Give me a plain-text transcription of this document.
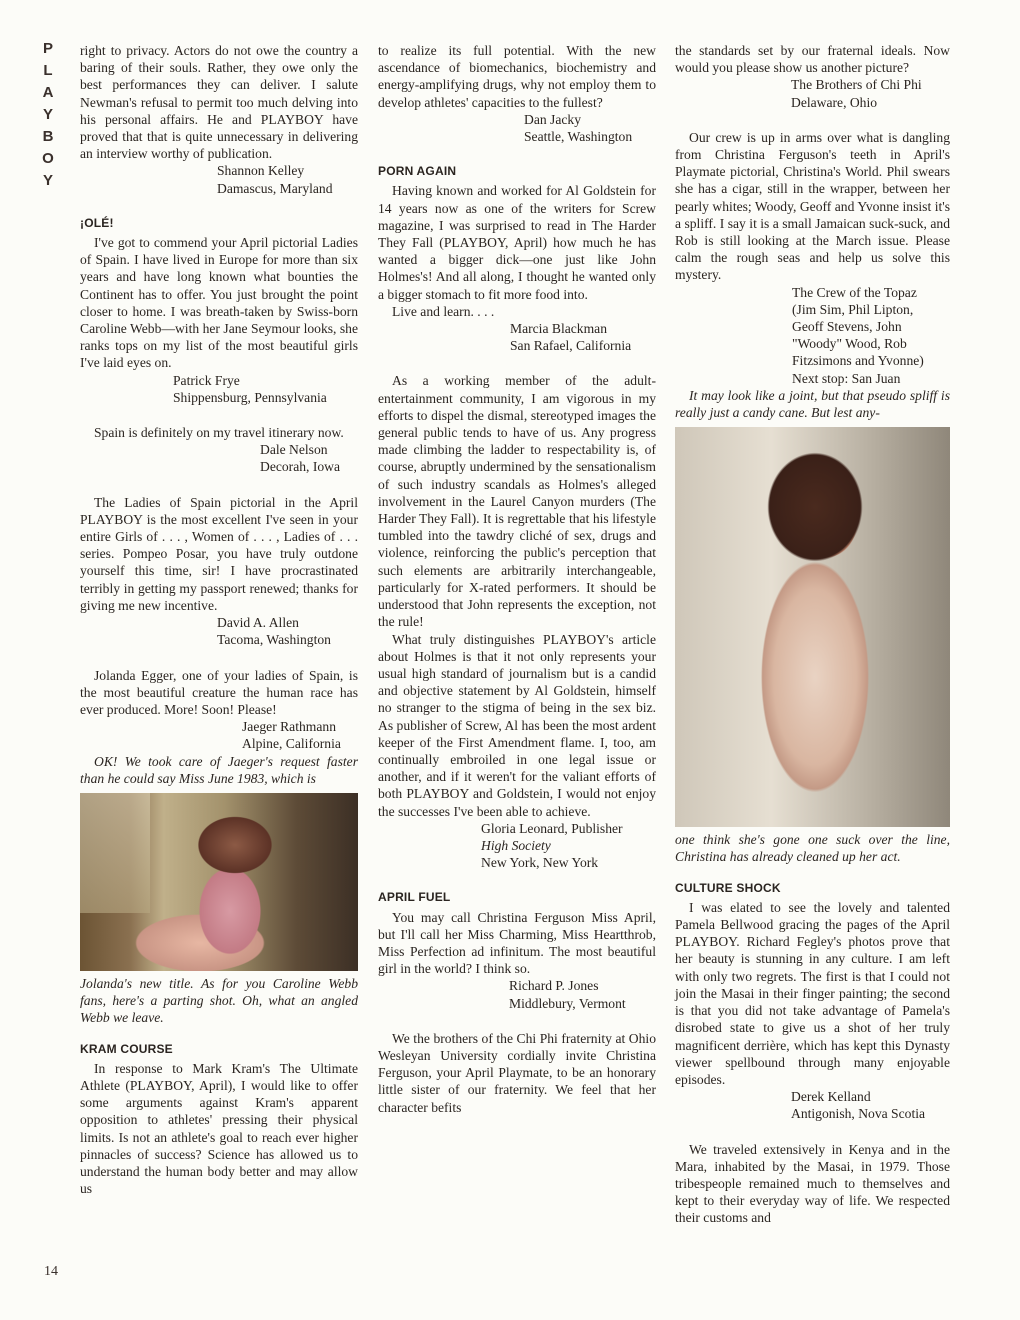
P
L
A
Y
B
O
Y
14

right to privacy. Actors do not owe the country a baring of their souls. Rather, they owe only the best performances they can deliver. I salute Newman's refusal to permit too much delving into his personal affairs. He and PLAYBOY have proved that that is quite unnecessary in delivering an interview worthy of publication.

Shannon Kelley

Damascus, Maryland

¡OLÉ!

I've got to commend your April pictorial Ladies of Spain. I have lived in Europe for more than six years and have long known what bounties the Continent has to offer. You just brought the point closer to home. I was breath-taken by Swiss-born Caroline Webb—with her Jane Seymour looks, she ranks tops on my list of the most beautiful girls I've laid eyes on.

Patrick Frye

Shippensburg, Pennsylvania

Spain is definitely on my travel itinerary now.

Dale Nelson

Decorah, Iowa

The Ladies of Spain pictorial in the April PLAYBOY is the most excellent I've seen in your entire Girls of . . . , Women of . . . , Ladies of . . . series. Pompeo Posar, you have truly outdone yourself this time, sir! I have procrastinated terribly in getting my passport renewed; thanks for giving me new incentive.

David A. Allen

Tacoma, Washington

Jolanda Egger, one of your ladies of Spain, is the most beautiful creature the human race has ever produced. More! Soon! Please!

Jaeger Rathmann

Alpine, California

OK! We took care of Jaeger's request faster than he could say Miss June 1983, which is

Jolanda's new title. As for you Caroline Webb fans, here's a parting shot. Oh, what an angled Webb we leave.

KRAM COURSE

In response to Mark Kram's The Ultimate Athlete (PLAYBOY, April), I would like to offer some arguments against Kram's apparent opposition to athletes' pressing their physical limits. Is not an athlete's goal to reach ever higher pinnacles of success? Science has allowed us to understand the human body better and may allow us

to realize its full potential. With the new ascendance of biomechanics, biochemistry and energy-amplifying drugs, why not employ them to develop athletes' capacities to the fullest?

Dan Jacky

Seattle, Washington

PORN AGAIN

Having known and worked for Al Goldstein for 14 years now as one of the writers for Screw magazine, I was surprised to read in The Harder They Fall (PLAYBOY, April) how much he has wanted a bigger dick—one just like John Holmes's! And all along, I thought he wanted only a bigger stomach to fit more food into.

Live and learn. . . .

Marcia Blackman

San Rafael, California

As a working member of the adult-entertainment community, I am vigorous in my efforts to dispel the dismal, stereotyped images the general public tends to have of us. Any progress made climbing the ladder to respectability is, of course, abruptly undermined by the sensationalism of such industry scandals as Holmes's alleged involvement in the Laurel Canyon murders (The Harder They Fall). It is regrettable that his lifestyle tumbled into the tawdry cliché of sex, drugs and violence, reinforcing the public's perception that such elements are arbitrarily interchangeable, particularly for X-rated performers. It should be understood that John represents the exception, not the rule!

What truly distinguishes PLAYBOY's article about Holmes is that it not only represents your usual high standard of journalism but is a candid and objective statement by Al Goldstein, himself no stranger to the stigma of being in the sex biz. As publisher of Screw, Al has been the most ardent keeper of the First Amendment flame. I, too, am continually embroiled in one legal issue or another, and if it weren't for the valiant efforts of both PLAYBOY and Goldstein, I would not enjoy the successes I've been able to achieve.

Gloria Leonard, Publisher

High Society

New York, New York

APRIL FUEL

You may call Christina Ferguson Miss April, but I'll call her Miss Charming, Miss Heartthrob, Miss Perfection ad infinitum. The most beautiful girl in the world? I think so.

Richard P. Jones

Middlebury, Vermont

We the brothers of the Chi Phi fraternity at Ohio Wesleyan University cordially invite Christina Ferguson, your April Playmate, to be an honorary little sister of our fraternity. We feel that her character befits

the standards set by our fraternal ideals. Now would you please show us another picture?

The Brothers of Chi Phi

Delaware, Ohio

Our crew is up in arms over what is dangling from Christina Ferguson's teeth in April's Playmate pictorial, Christina's World. Phil swears she has a cigar, still in the wrapper, between her pearly whites; Woody, Geoff and Yvonne insist it's a spliff. I say it is a small Jamaican suck-suck, and Rob is still looking at the March issue. Please calm the rough seas and help us solve this mystery.

The Crew of the Topaz

(Jim Sim, Phil Lipton,

Geoff Stevens, John

"Woody" Wood, Rob

Fitzsimons and Yvonne)

Next stop: San Juan

It may look like a joint, but that pseudo spliff is really just a candy cane. But lest any-

one think she's gone one suck over the line, Christina has already cleaned up her act.

CULTURE SHOCK

I was elated to see the lovely and talented Pamela Bellwood gracing the pages of the April PLAYBOY. Richard Fegley's photos prove that her beauty is stunning in any culture. I am left with only two regrets. The first is that I could not join the Masai in their finger painting; the second is that you did not take advantage of Pamela's disrobed state to give us a shot of her truly magnificent derrière, which has kept this Dynasty viewer spellbound through many enjoyable episodes.

Derek Kelland

Antigonish, Nova Scotia

We traveled extensively in Kenya and in the Mara, inhabited by the Masai, in 1979. Those tribespeople remained much to themselves and kept to their everyday way of life. We respected their customs and
